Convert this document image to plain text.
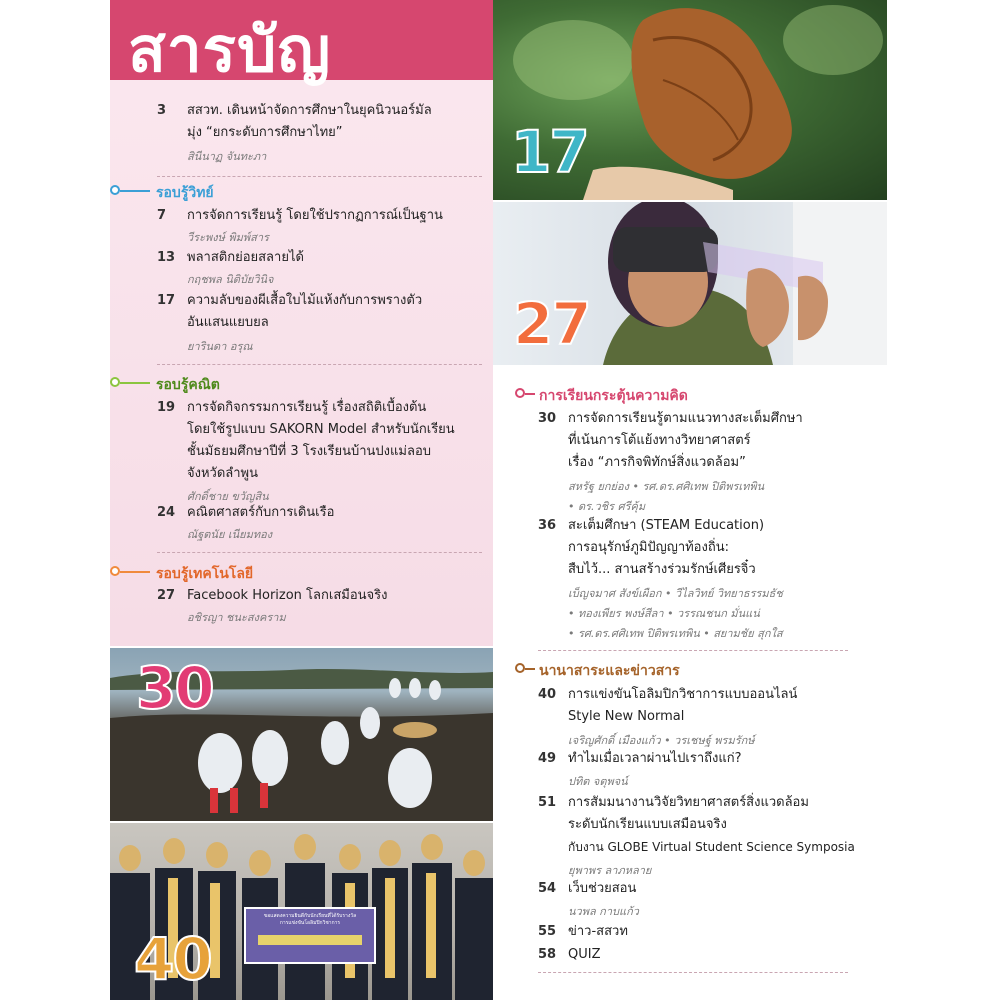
สารบัญ
3	สสวท. เดินหน้าจัดการศึกษาในยุคนิวนอร์มัล
มุ่ง “ยกระดับการศึกษาไทย”
สินีนาฏ จันทะภา
รอบรู้วิทย์
7	การจัดการเรียนรู้ โดยใช้ปรากฏการณ์เป็นฐาน
วีระพงษ์ พิมพ์สาร
13 พลาสติกย่อยสลายได้
กฤชพล นิติบัยวินิจ
17 ความลับของผีเสื้อใบไม้แห้งกับการพรางตัว
อันแสนแยบยล
ยารินดา อรุณ
รอบรู้คณิต
19 การจัดกิจกรรมการเรียนรู้ เรื่องสถิติเบื้องต้น
โดยใช้รูปแบบ SAKORN Model สำหรับนักเรียน
ชั้นมัธยมศึกษาปีที่ 3 โรงเรียนบ้านปงแม่ลอบ
จังหวัดลำพูน
ศักดิ์ชาย ขวัญสิน
24 คณิตศาสตร์กับการเดินเรือ
ณัฐตนัย เนียมทอง
รอบรู้เทคโนโลยี
27 Facebook Horizon โลกเสมือนจริง
อชิรญา ชนะสงคราม
17
27
30
ขอแสดงความยินดีกับนักเรียนที่ได้รับรางวัล
การแข่งขันโอลิมปิกวิชาการ
40
การเรียนกระตุ้นความคิด
30 การจัดการเรียนรู้ตามแนวทางสะเต็มศึกษา
ที่เน้นการโต้แย้งทางวิทยาศาสตร์
เรื่อง “ภารกิจพิทักษ์สิ่งแวดล้อม”
สหรัฐ ยกย่อง • รศ.ดร.ศศิเทพ ปิติพรเทพิน
• ดร.วชิร ศรีคุ้ม
36 สะเต็มศึกษา (STEAM Education)
การอนุรักษ์ภูมิปัญญาท้องถิ่น:
สืบไว้... สานสร้างร่วมรักษ์เศียรจิ๋ว
เบ็ญจมาศ สังข์เผือก • วีไลวิทย์ วิทยาธรรมธัช
• ทองเพียร พงษ์สีลา • วรรณชนก มั่นแน่
• รศ.ดร.ศศิเทพ ปิติพรเทพิน • สยามชัย สุกใส
นานาสาระและข่าวสาร
40 การแข่งขันโอลิมปิกวิชาการแบบออนไลน์
Style New Normal
เจริญศักดิ์ เมืองแก้ว • วรเชษฐ์ พรมรักษ์
49 ทำไมเมื่อเวลาผ่านไปเราถึงแก่?
ปทิต จตุพจน์
51 การสัมมนางานวิจัยวิทยาศาสตร์สิ่งแวดล้อม
ระดับนักเรียนแบบเสมือนจริง
กับงาน GLOBE Virtual Student Science Symposia
ยุพาพร ลาภหลาย
54 เว็บช่วยสอน
นวพล กาบแก้ว
55 ข่าว-สสวท
58 QUIZ
